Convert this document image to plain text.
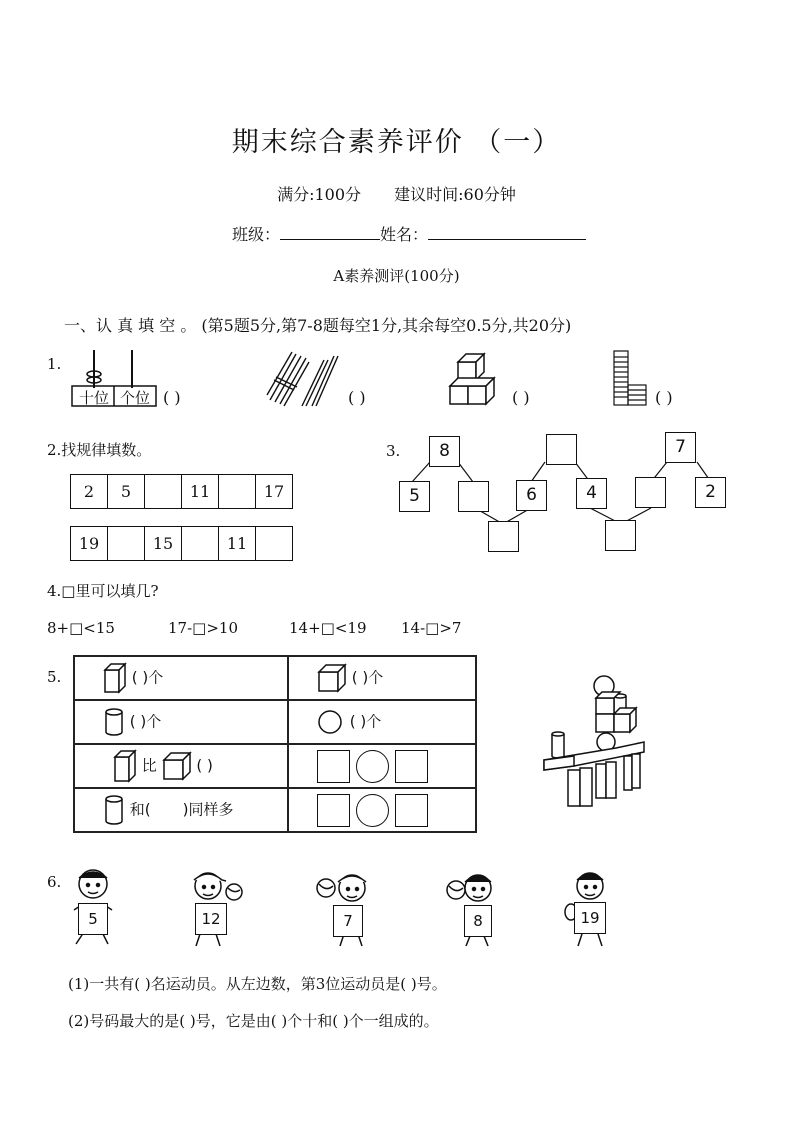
期末综合素养评价 （一）
满分:100分 建议时间:60分钟
班级：	姓名：
A素养测评(100分)
一、认 真 填 空 。 (第5题5分,第7-8题每空1分,其余每空0.5分,共20分)
1.
十位 个位 ( )	( )	( )	( )
2.找规律填数。
2	5		11		17
19		15		11	
3.	8
5	6	4
7
2
4.□里可以填几?
8+□<15	17-□>10	14+□<19 14-□>7
5.	( )个	( )个
( )个	( )个
比 ( )	

和( )同样多	
6.
5	12	7	8	19
(1)一共有( )名运动员。从左边数，第3位运动员是( )号。
(2)号码最大的是( )号，它是由( )个十和( )个一组成的。
